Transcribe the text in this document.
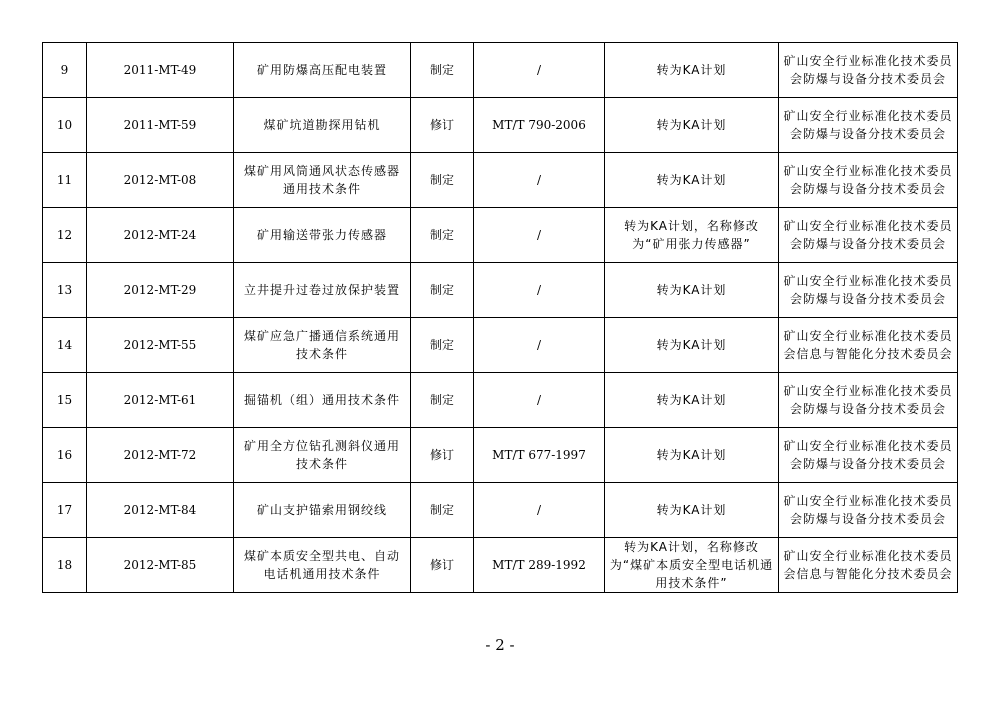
9	2011-MT-49	矿用防爆高压配电装置	制定	/	转为KA计划	矿山安全行业标准化技术委员会防爆与设备分技术委员会
10	2011-MT-59	煤矿坑道勘探用钻机	修订	MT/T 790-2006	转为KA计划	矿山安全行业标准化技术委员会防爆与设备分技术委员会
11	2012-MT-08	煤矿用风筒通风状态传感器通用技术条件	制定	/	转为KA计划	矿山安全行业标准化技术委员会防爆与设备分技术委员会
12	2012-MT-24	矿用输送带张力传感器	制定	/	转为KA计划，名称修改为“矿用张力传感器”	矿山安全行业标准化技术委员会防爆与设备分技术委员会
13	2012-MT-29	立井提升过卷过放保护装置	制定	/	转为KA计划	矿山安全行业标准化技术委员会防爆与设备分技术委员会
14	2012-MT-55	煤矿应急广播通信系统通用技术条件	制定	/	转为KA计划	矿山安全行业标准化技术委员会信息与智能化分技术委员会
15	2012-MT-61	掘锚机（组）通用技术条件	制定	/	转为KA计划	矿山安全行业标准化技术委员会防爆与设备分技术委员会
16	2012-MT-72	矿用全方位钻孔测斜仪通用技术条件	修订	MT/T 677-1997	转为KA计划	矿山安全行业标准化技术委员会防爆与设备分技术委员会
17	2012-MT-84	矿山支护锚索用钢绞线	制定	/	转为KA计划	矿山安全行业标准化技术委员会防爆与设备分技术委员会
18	2012-MT-85	煤矿本质安全型共电、自动电话机通用技术条件	修订	MT/T 289-1992	转为KA计划，名称修改为“煤矿本质安全型电话机通用技术条件”	矿山安全行业标准化技术委员会信息与智能化分技术委员会
- 2 -
